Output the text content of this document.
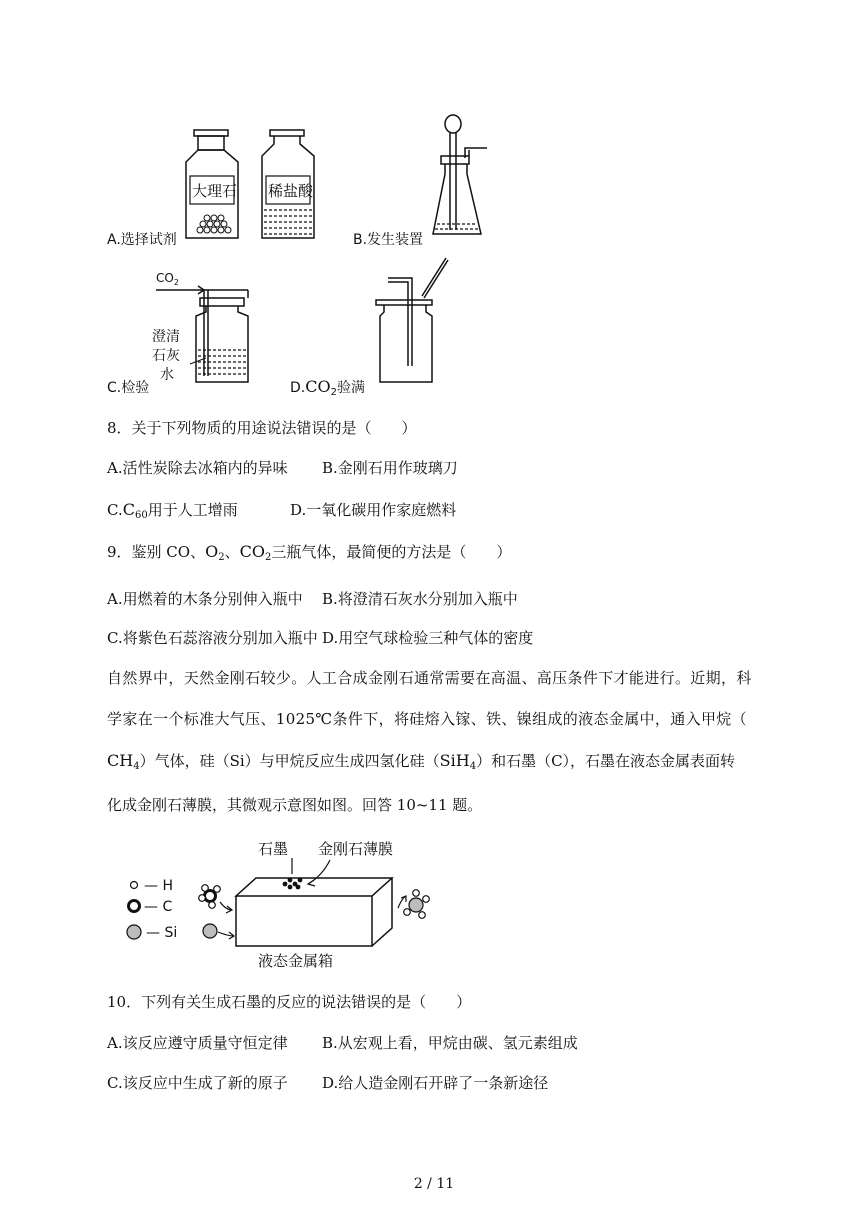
大理石 稀盐酸
A.选择试剂	B.发生装置
$CO_2$
澄清
石灰
水
C.检验	$D.CO_2$验满
8．关于下列物质的用途说法错误的是（　　）
A.活性炭除去冰箱内的异味 B.金刚石用作玻璃刀
$C.C_{60}$用于人工增雨	D.一氧化碳用作家庭燃料
9．鉴别 CO、$O_2$、$CO_2$三瓶气体，最简便的方法是（　　）
A.用燃着的木条分别伸入瓶中 B.将澄清石灰水分别加入瓶中
C.将紫色石蕊溶液分别加入瓶中 D.用空气球检验三种气体的密度
自然界中，天然金刚石较少。人工合成金刚石通常需要在高温、高压条件下才能进行。近期，科
学家在一个标准大气压、1025℃条件下，将硅熔入镓、铁、镍组成的液态金属中，通入甲烷（
$CH_4$）气体，硅（Si）与甲烷反应生成四氢化硅（SiH$_4$）和石墨（C），石墨在液态金属表面转
化成金刚石薄膜，其微观示意图如图。回答 10~11 题。
— H
— C
— Si
石墨 金刚石薄膜
液态金属箱
10．下列有关生成石墨的反应的说法错误的是（　　）
A.该反应遵守质量守恒定律 B.从宏观上看，甲烷由碳、氢元素组成
C.该反应中生成了新的原子 D.给人造金刚石开辟了一条新途径
2 / 11
